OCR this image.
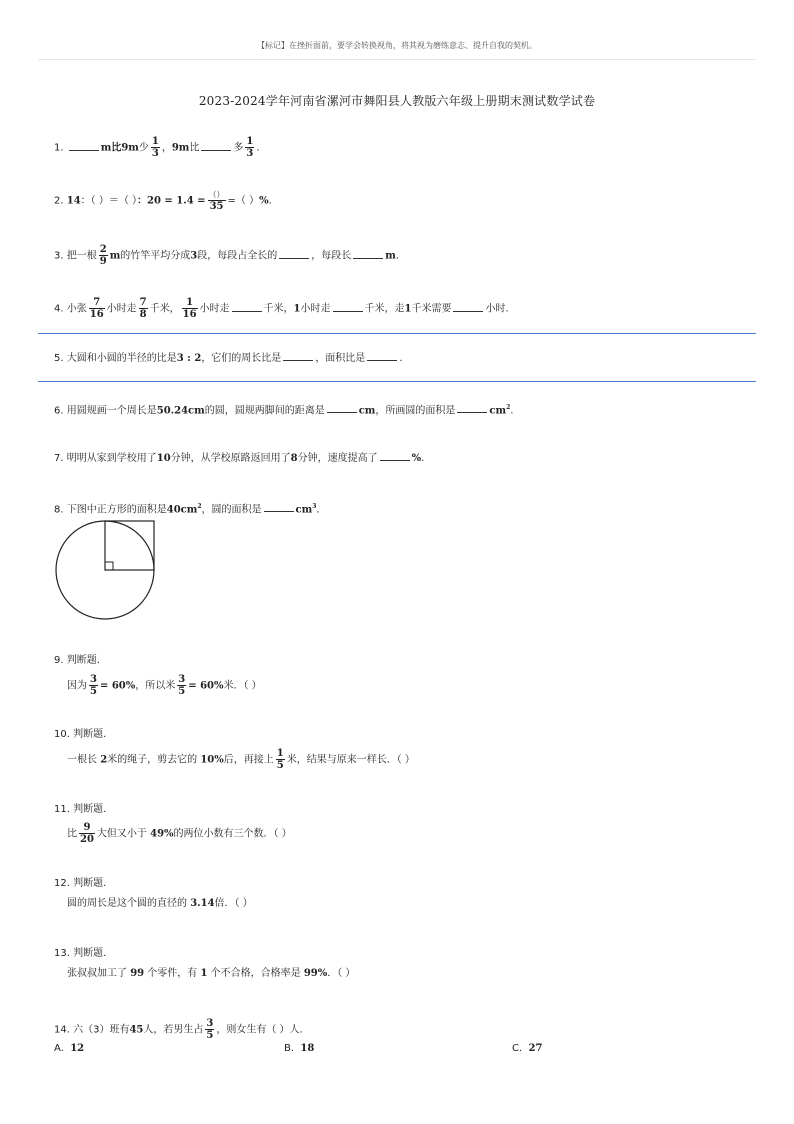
【标记】在挫折面前，要学会转换视角，将其视为磨练意志、提升自我的契机。
2023-2024学年河南省漯河市舞阳县人教版六年级上册期末测试数学试卷
1.	m比9m少 $\frac{1}{3}$ ，9m比	多 $\frac{1}{3}$ .
2. 14：（ ）＝（ ）：$20 = 1.4 = \frac{()}{35}$ =（ ）%.
3. 把一根 $\frac{2}{9}$ m的竹竿平均分成3段，每段占全长的	，每段长	m.
4. 小张 $\frac{7}{16}$ 小时走 $\frac{7}{8}$ 千米， $\frac{1}{16}$ 小时走	千米，1小时走	千米，走1千米需要	小时.
5. 大圆和小圆的半径的比是3 : 2，它们的周长比是	，面积比是	.
6. 用圆规画一个周长是50.24cm的圆，圆规两脚间的距离是	cm，所画圆的面积是	$cm^2$.
7. 明明从家到学校用了10分钟，从学校原路返回用了8分钟，速度提高了	%.
8. 下图中正方形的面积是$40cm^2$，圆的面积是	$cm^3$.
9. 判断题.
因为 $\frac{3}{5} = 60\%$，所以米 $\frac{3}{5} = 60\%$米．（ ）
10. 判断题.
一根长 2米的绳子，剪去它的 10%后，再接上 $\frac{1}{5}$ 米，结果与原来一样长．（ ）
11. 判断题.
比 $\frac{9}{20}$ 大但又小于 49%的两位小数有三个数．（ ）
12. 判断题.
圆的周长是这个圆的直径的 3.14倍．（ ）
13. 判断题.
张叔叔加工了 99 个零件，有 1 个不合格，合格率是 99%．（ ）
14. 六（3）班有45人，若男生占 $\frac{3}{5}$ ，则女生有（ ）人.
A. 12	B. 18	C. 27
